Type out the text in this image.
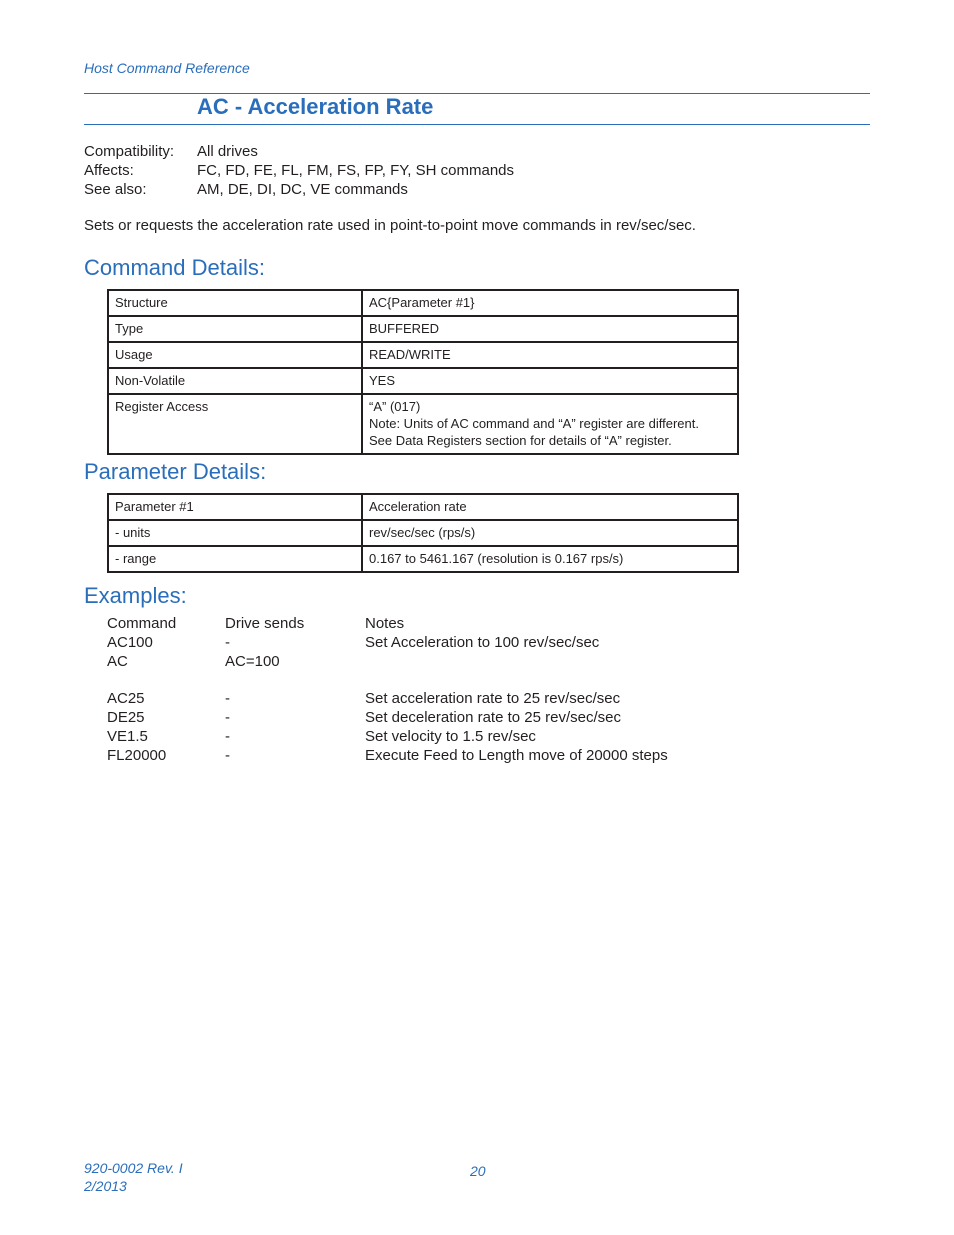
Host Command Reference
AC - Acceleration Rate
Compatibility:	All drives
Affects:	FC, FD, FE, FL, FM, FS, FP, FY, SH commands
See also:	AM, DE, DI, DC, VE commands
Sets or requests the acceleration rate used in point-to-point move commands in rev/sec/sec.
Command Details:
Structure	AC{Parameter #1}
Type	BUFFERED
Usage	READ/WRITE
Non-Volatile	YES
Register Access	“A” (017)
Note: Units of AC command and “A” register are different.
See Data Registers section for details of “A” register.
Parameter Details:
Parameter #1	Acceleration rate
- units	rev/sec/sec (rps/s)
- range	0.167 to 5461.167 (resolution is 0.167 rps/s)
Examples:
Command	Drive sends	Notes
AC100	-	Set Acceleration to 100 rev/sec/sec
AC	AC=100
AC25	-	Set acceleration rate to 25 rev/sec/sec
DE25	-	Set deceleration rate to 25 rev/sec/sec
VE1.5	-	Set velocity to 1.5 rev/sec
FL20000	-	Execute Feed to Length move of 20000 steps
920-0002 Rev. I
2/2013
20
